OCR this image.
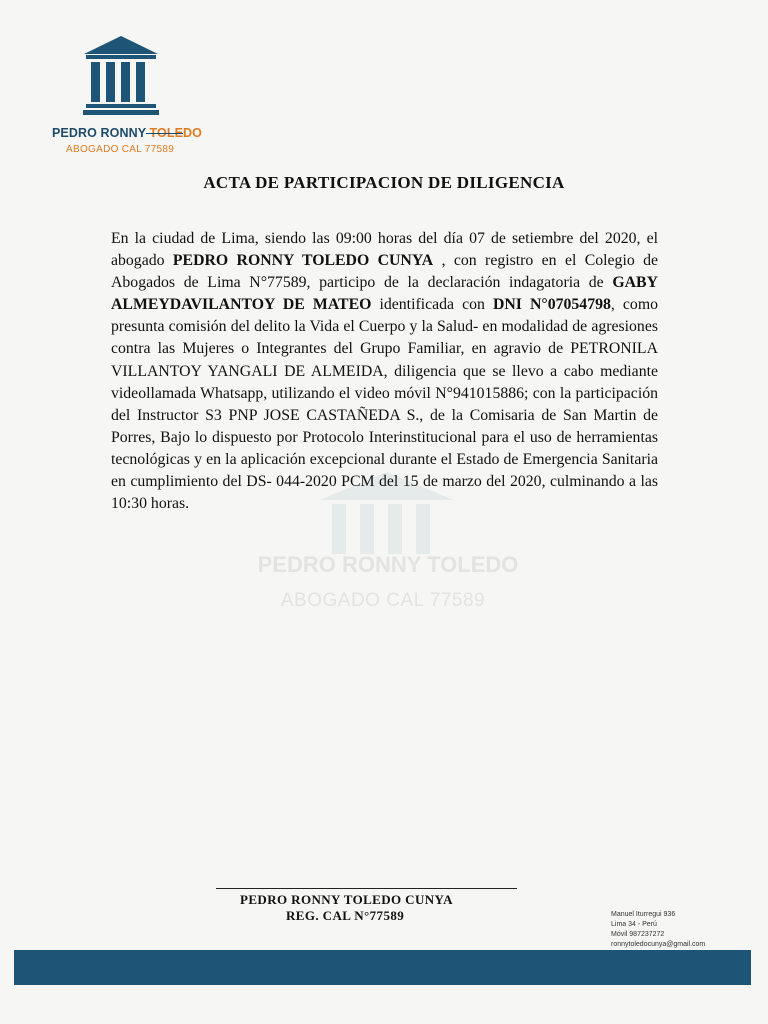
PEDRO RONNY TOLEDO
ABOGADO CAL 77589
PEDRO RONNY TOLEDO
ABOGADO CAL 77589
ACTA DE PARTICIPACION DE DILIGENCIA

En la ciudad de Lima, siendo las 09:00 horas del día 07 de setiembre del 2020, el abogado PEDRO RONNY TOLEDO CUNYA , con registro en el Colegio de Abogados de Lima N°77589, participo de la declaración indagatoria de GABY ALMEYDAVILANTOY DE MATEO identificada con DNI N°07054798, como presunta comisión del delito la Vida el Cuerpo y la Salud- en modalidad de agresiones contra las Mujeres o Integrantes del Grupo Familiar, en agravio de PETRONILA VILLANTOY YANGALI DE ALMEIDA, diligencia que se llevo a cabo mediante videollamada Whatsapp, utilizando el video móvil N°941015886; con la participación del Instructor S3 PNP JOSE CASTAÑEDA S., de la Comisaria de San Martin de Porres, Bajo lo dispuesto por Protocolo Interinstitucional para el uso de herramientas tecnológicas y en la aplicación excepcional durante el Estado de Emergencia Sanitaria en cumplimiento del DS- 044-2020 PCM del 15 de marzo del 2020, culminando a las 10:30 horas.

PEDRO RONNY TOLEDO CUNYA
REG. CAL N°77589	Manuel Iturregui 936
Lima 34 - Perú
Móvil 987237272
ronnytoledocunya@gmail.com
